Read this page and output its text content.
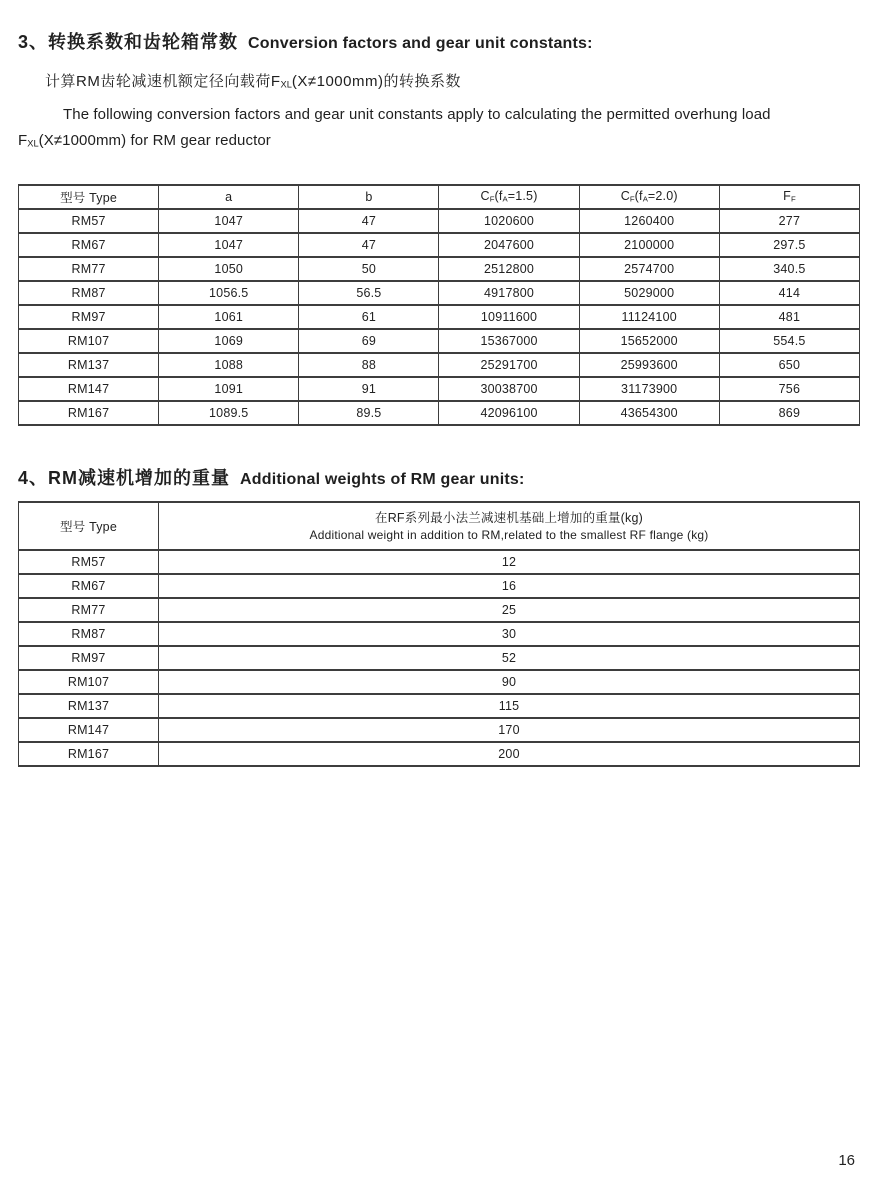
3、转换系数和齿轮箱常数 Conversion factors and gear unit constants:

计算RM齿轮减速机额定径向载荷$F_{XL}(X\ne 1000mm)$的转换系数

The following conversion factors and gear unit constants apply to calculating the permitted overhung load $F_{XL}(X\ne 1000mm)$ for RM gear reductor

型号 Type	a	b	$C_F(f_A=1.5)$	$C_F(f_A=2.0)$	$F_F$
RM57	1047	47	1020600	1260400	277
RM67	1047	47	2047600	2100000	297.5
RM77	1050	50	2512800	2574700	340.5
RM87	1056.5	56.5	4917800	5029000	414
RM97	1061	61	10911600	11124100	481
RM107	1069	69	15367000	15652000	554.5
RM137	1088	88	25291700	25993600	650
RM147	1091	91	30038700	31173900	756
RM167	1089.5	89.5	42096100	43654300	869
4、RM减速机增加的重量 Additional weights of RM gear units:
型号 Type	在RF系列最小法兰减速机基础上增加的重量(kg)
Additional weight in addition to RM,related to the smallest RF flange (kg)

RM57	12
RM67	16
RM77	25
RM87	30
RM97	52
RM107	90
RM137	115
RM147	170
RM167	200
16
